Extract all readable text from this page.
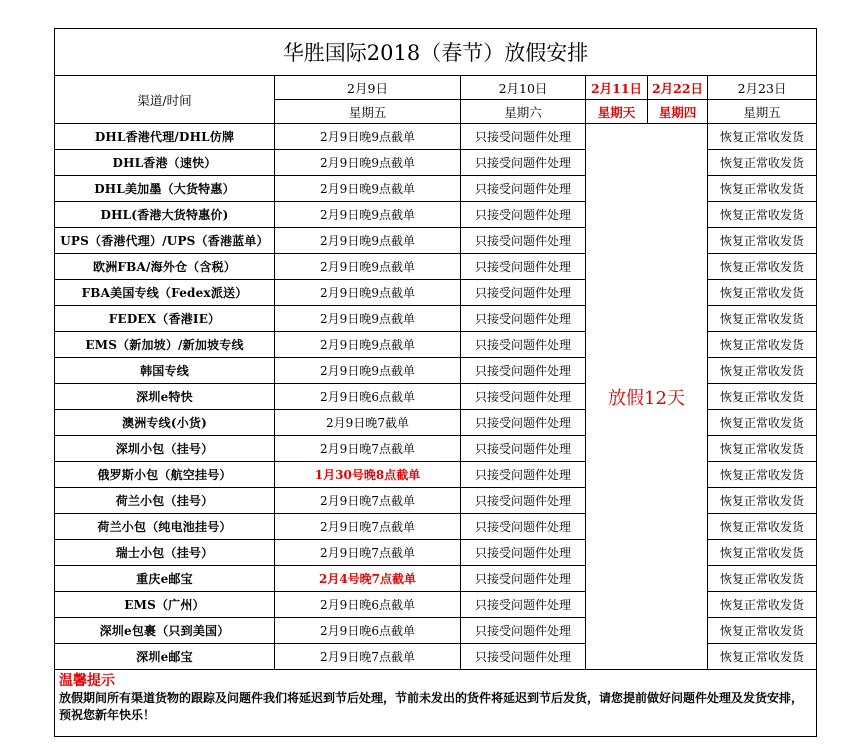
华胜国际2018（春节）放假安排					
渠道/时间	2月9日	2月10日	2月11日	2月22日	2月23日
	星期五	星期六	星期天	星期四	星期五
DHL香港代理/DHL仿牌	2月9日晚9点截单	只接受问题件处理	放假12天		恢复正常收发货
DHL香港（速快）	2月9日晚9点截单	只接受问题件处理			恢复正常收发货
DHL美加墨（大货特惠）	2月9日晚9点截单	只接受问题件处理			恢复正常收发货
DHL(香港大货特惠价)	2月9日晚9点截单	只接受问题件处理			恢复正常收发货
UPS（香港代理）/UPS（香港蓝单）	2月9日晚9点截单	只接受问题件处理			恢复正常收发货
欧洲FBA/海外仓（含税）	2月9日晚9点截单	只接受问题件处理			恢复正常收发货
FBA美国专线（Fedex派送）	2月9日晚9点截单	只接受问题件处理			恢复正常收发货
FEDEX（香港IE）	2月9日晚9点截单	只接受问题件处理			恢复正常收发货
EMS（新加坡）/新加坡专线	2月9日晚9点截单	只接受问题件处理			恢复正常收发货
韩国专线	2月9日晚9点截单	只接受问题件处理			恢复正常收发货
深圳e特快	2月9日晚6点截单	只接受问题件处理			恢复正常收发货
澳洲专线(小货)	2月9日晚7截单	只接受问题件处理			恢复正常收发货
深圳小包（挂号）	2月9日晚7点截单	只接受问题件处理			恢复正常收发货
俄罗斯小包（航空挂号）	1月30号晚8点截单	只接受问题件处理			恢复正常收发货
荷兰小包（挂号）	2月9日晚7点截单	只接受问题件处理			恢复正常收发货
荷兰小包（纯电池挂号）	2月9日晚7点截单	只接受问题件处理			恢复正常收发货
瑞士小包（挂号）	2月9日晚7点截单	只接受问题件处理			恢复正常收发货
重庆e邮宝	2月4号晚7点截单	只接受问题件处理			恢复正常收发货
EMS（广州）	2月9日晚6点截单	只接受问题件处理			恢复正常收发货
深圳e包裹（只到美国）	2月9日晚6点截单	只接受问题件处理			恢复正常收发货
深圳e邮宝	2月9日晚7点截单	只接受问题件处理			恢复正常收发货

温馨提示
放假期间所有渠道货物的跟踪及问题件我们将延迟到节后处理，节前未发出的货件将延迟到节后发货，请您提前做好问题件处理及发货安排，预祝您新年快乐！					
